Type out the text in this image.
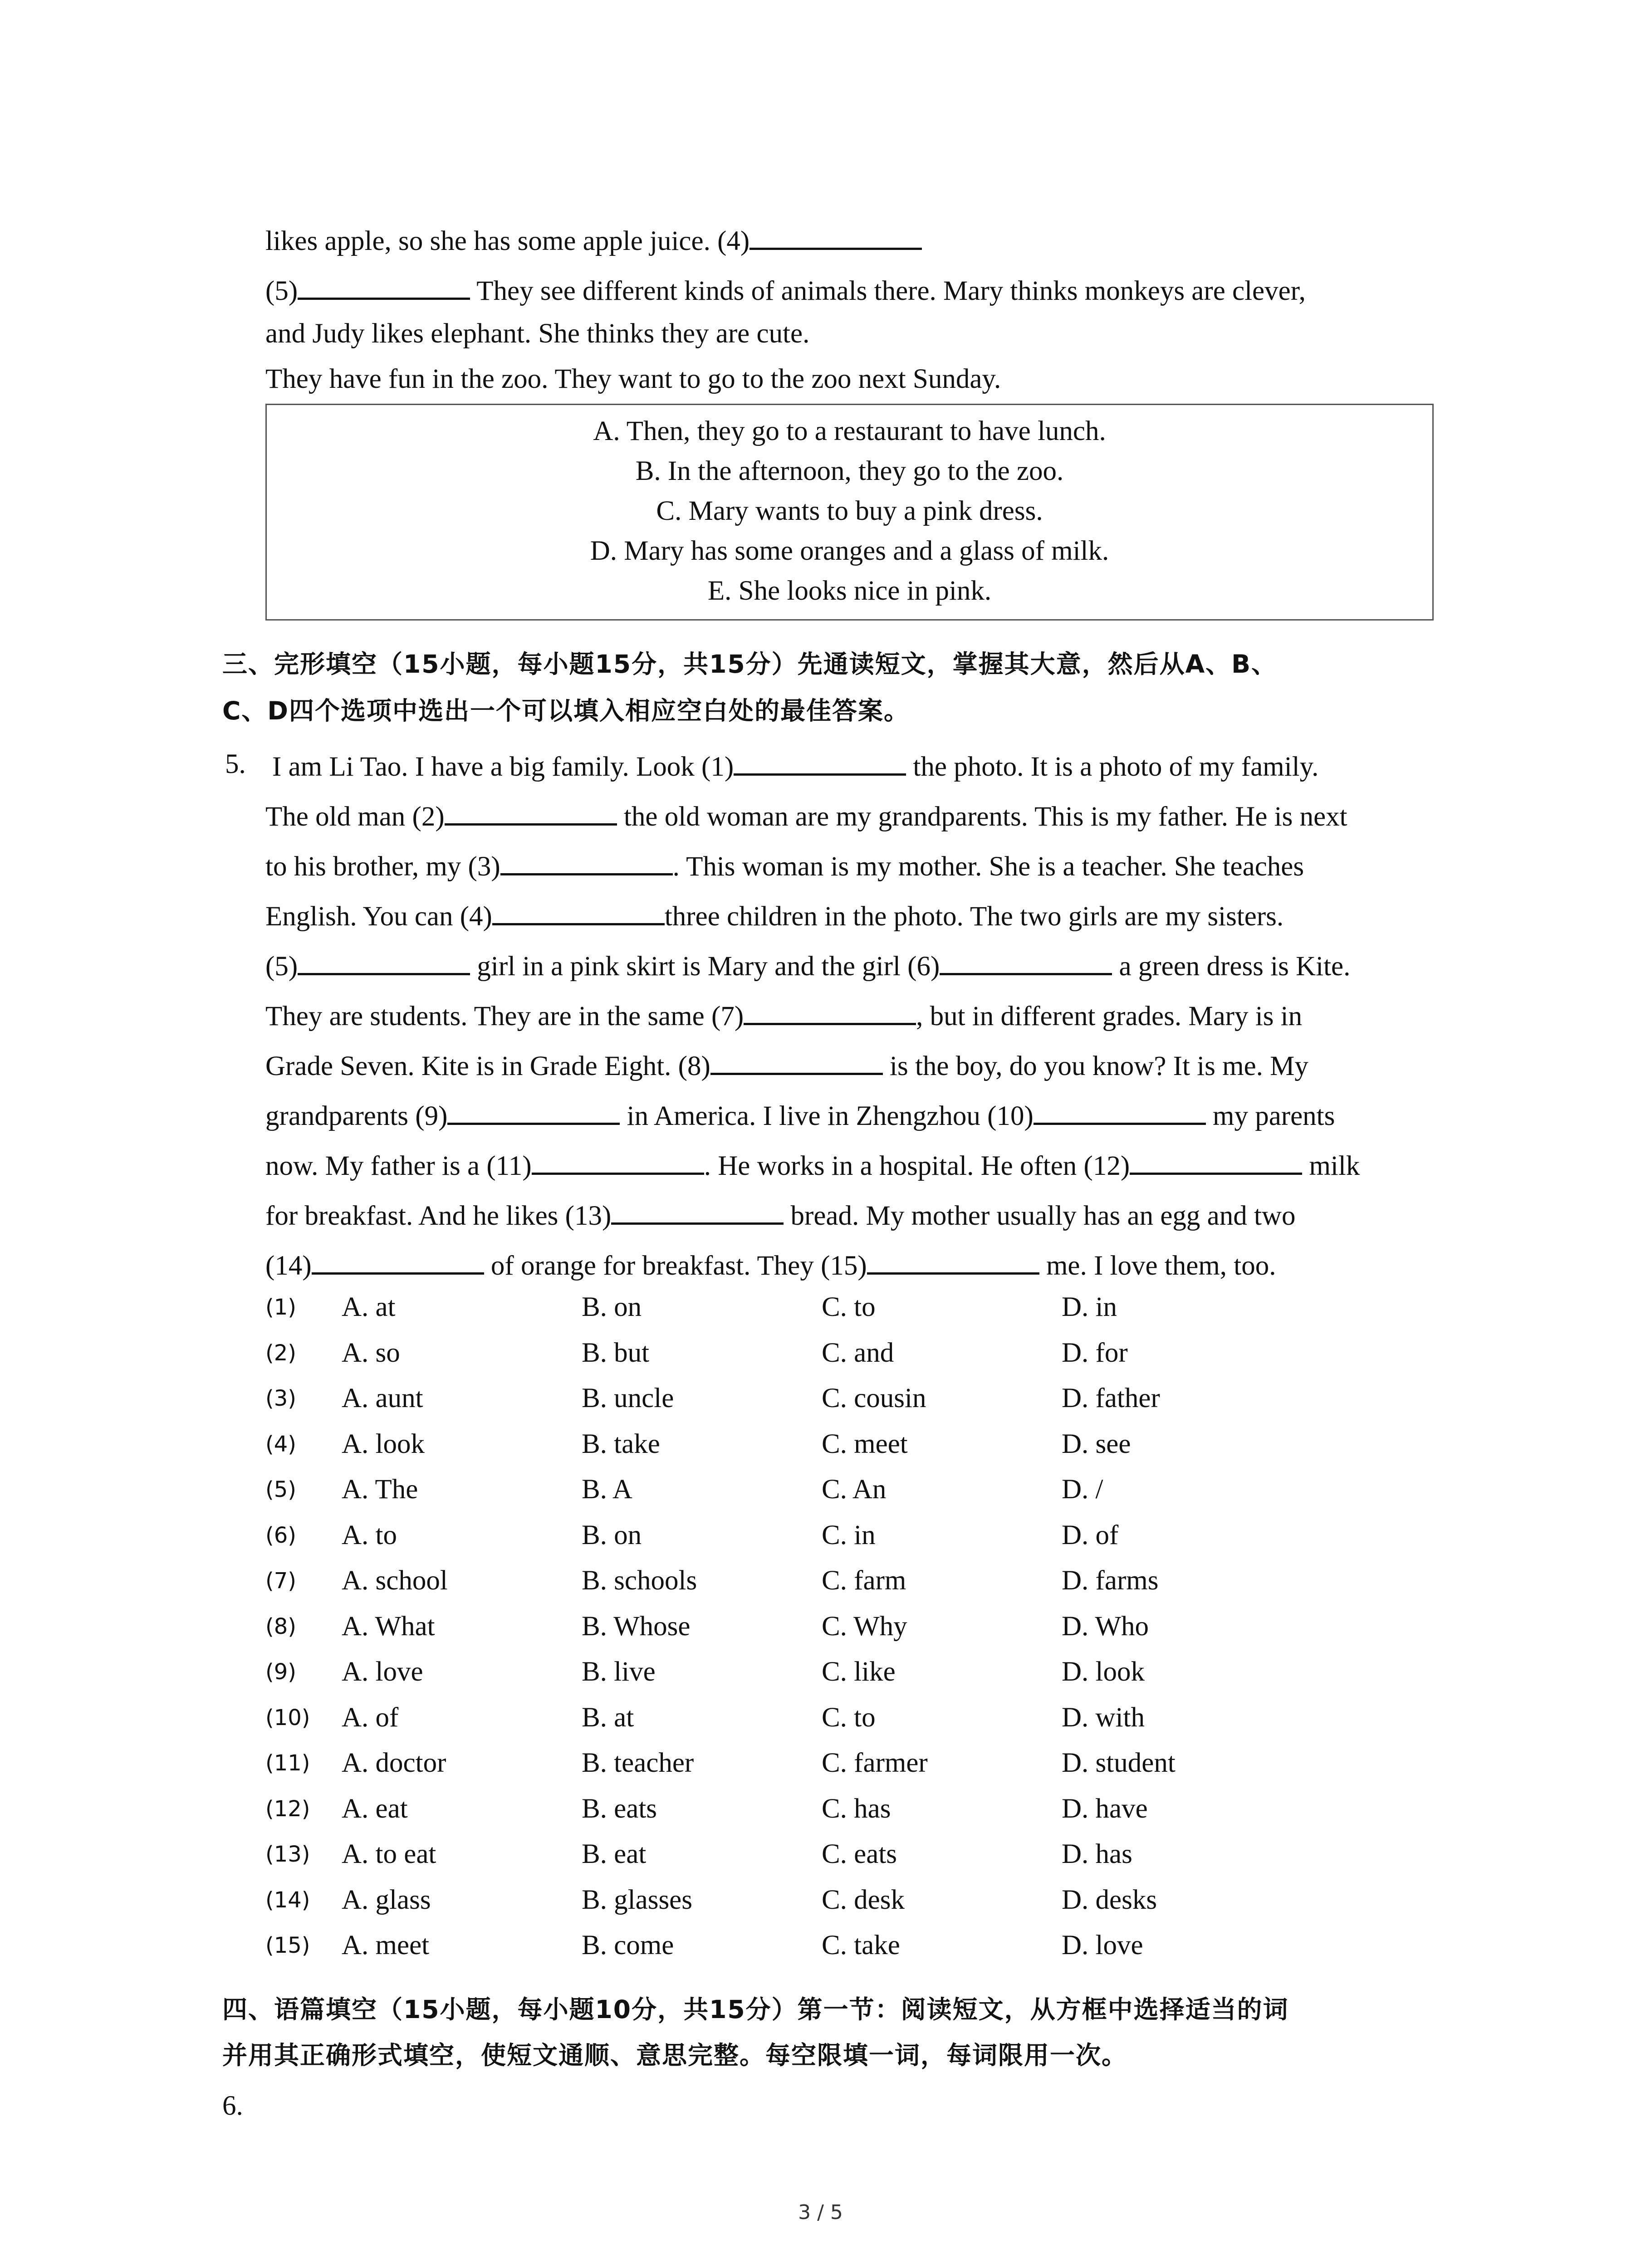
likes apple, so she has some apple juice. (4)
(5)	They see different kinds of animals there. Mary thinks monkeys are clever,
and Judy likes elephant. She thinks they are cute.
They have fun in the zoo. They want to go to the zoo next Sunday.
A. Then, they go to a restaurant to have lunch.
B. In the afternoon, they go to the zoo.
C. Mary wants to buy a pink dress.
D. Mary has some oranges and a glass of milk.
E. She looks nice in pink.
三、完形填空（15小题，每小题15分，共15分）先通读短文，掌握其大意，然后从A、B、
C、D四个选项中选出一个可以填入相应空白处的最佳答案。
5. I am Li Tao. I have a big family. Look (1)	the photo. It is a photo of my family.
The old man (2)	the old woman are my grandparents. This is my father. He is next
to his brother, my (3)	. This woman is my mother. She is a teacher. She teaches
English. You can (4)	three children in the photo. The two girls are my sisters.
(5)	girl in a pink skirt is Mary and the girl (6)	a green dress is Kite.
They are students. They are in the same (7)	, but in different grades. Mary is in
Grade Seven. Kite is in Grade Eight. (8)	is the boy, do you know? It is me. My
grandparents (9)	in America. I live in Zhengzhou (10)	my parents
now. My father is a (11)	. He works in a hospital. He often (12)	milk
for breakfast. And he likes (13)	bread. My mother usually has an egg and two
(14)	of orange for breakfast. They (15)	me. I love them, too.
(1) A. at	B. on	C. to	D. in
(2) A. so	B. but	C. and	D. for
(3) A. aunt	B. uncle	C. cousin	D. father
(4) A. look	B. take	C. meet	D. see
(5) A. The	B. A	C. An	D. /
(6) A. to	B. on	C. in	D. of
(7) A. school	B. schools	C. farm	D. farms
(8) A. What	B. Whose	C. Why	D. Who
(9) A. love	B. live	C. like	D. look
(10) A. of	B. at	C. to	D. with
(11) A. doctor	B. teacher	C. farmer	D. student
(12) A. eat	B. eats	C. has	D. have
(13) A. to eat	B. eat	C. eats	D. has
(14) A. glass	B. glasses	C. desk	D. desks
(15) A. meet	B. come	C. take	D. love
四、语篇填空（15小题，每小题10分，共15分）第一节：阅读短文，从方框中选择适当的词
并用其正确形式填空，使短文通顺、意思完整。每空限填一词，每词限用一次。
6.
3 / 5
